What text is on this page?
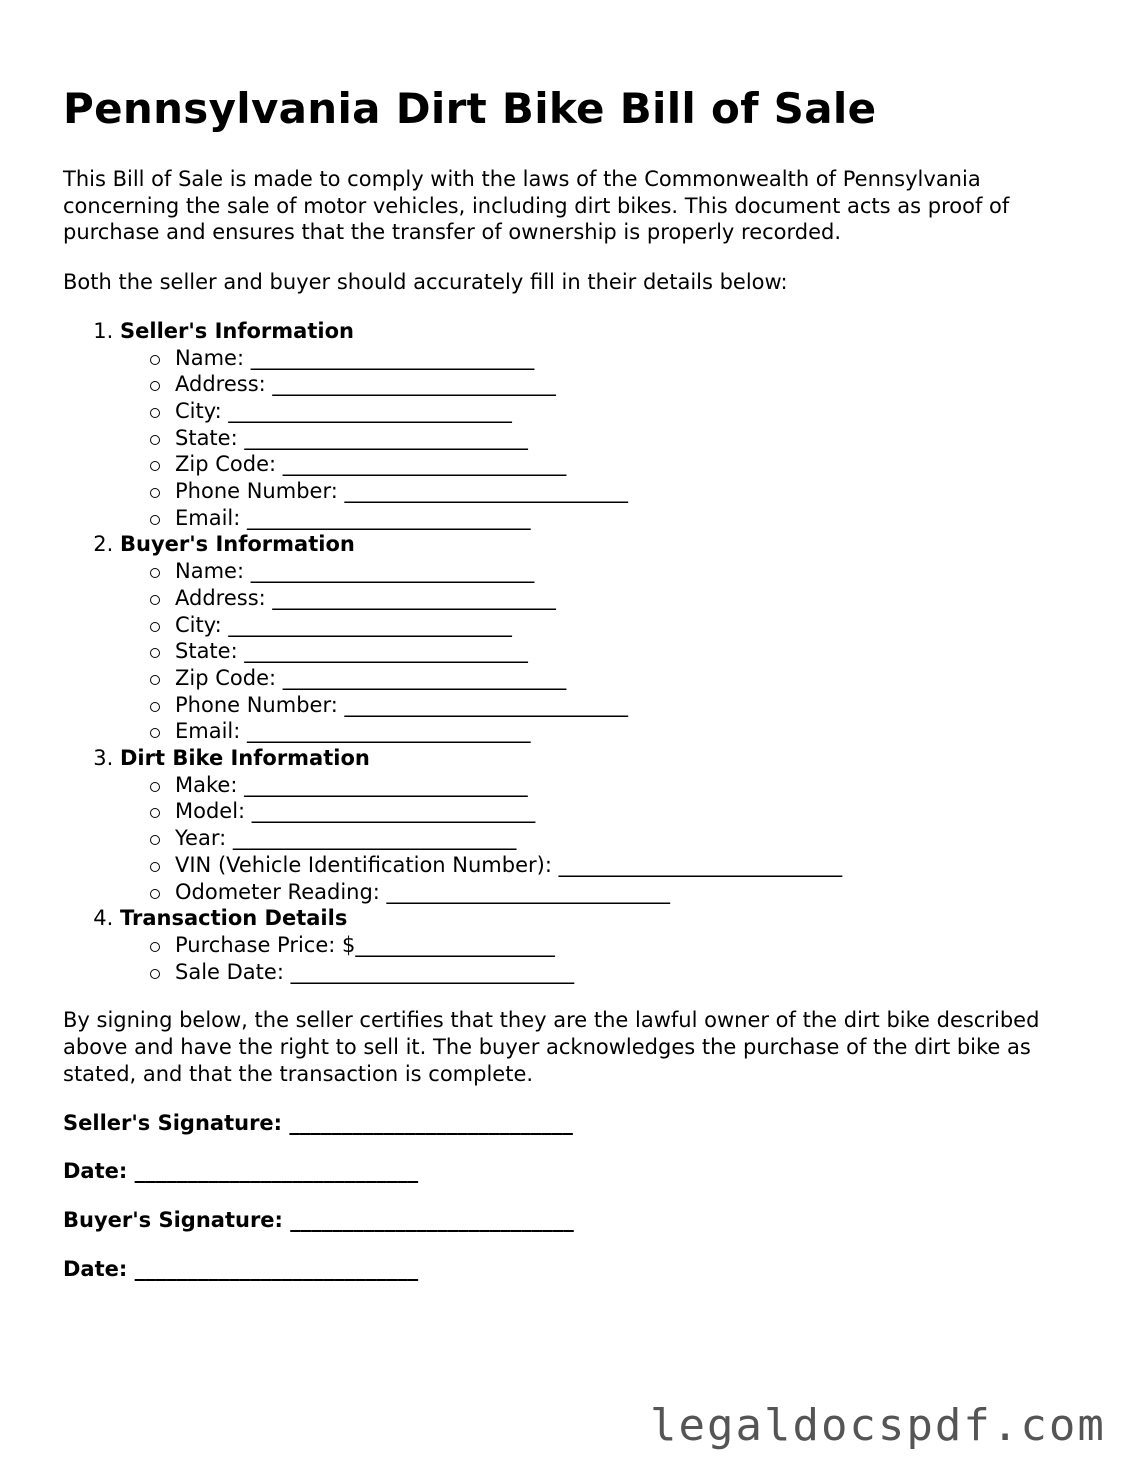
Pennsylvania Dirt Bike Bill of Sale

This Bill of Sale is made to comply with the laws of the Commonwealth of Pennsylvania concerning the sale of motor vehicles, including dirt bikes. This document acts as proof of purchase and ensures that the transfer of ownership is properly recorded.

Both the seller and buyer should accurately fill in their details below:

1. Seller's Information
Name: ___________________________
Address: ___________________________
City: ___________________________
State: ___________________________
Zip Code: ___________________________
Phone Number: ___________________________
Email: ___________________________
2. Buyer's Information
Name: ___________________________
Address: ___________________________
City: ___________________________
State: ___________________________
Zip Code: ___________________________
Phone Number: ___________________________
Email: ___________________________
3. Dirt Bike Information
Make: ___________________________
Model: ___________________________
Year: ___________________________
VIN (Vehicle Identification Number): ___________________________
Odometer Reading: ___________________________
4. Transaction Details
Purchase Price: $___________________
Sale Date: ___________________________

By signing below, the seller certifies that they are the lawful owner of the dirt bike described above and have the right to sell it. The buyer acknowledges the purchase of the dirt bike as stated, and that the transaction is complete.

Seller's Signature: ___________________________
Date: ___________________________
Buyer's Signature: ___________________________
Date: ___________________________
legaldocspdf.com
